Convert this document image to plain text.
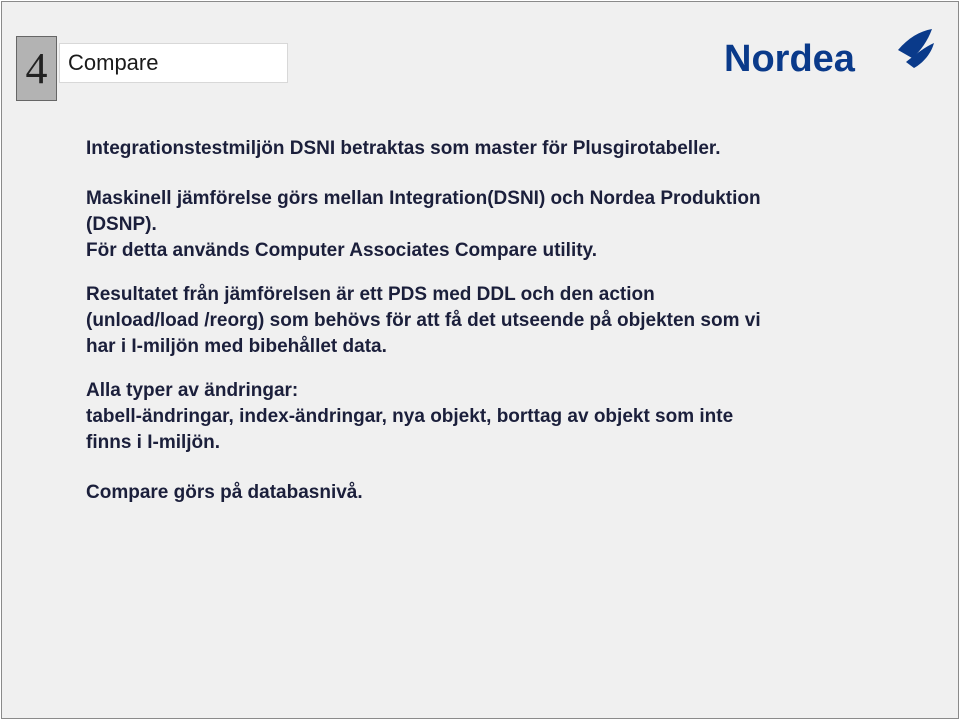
4 Compare	Nordea

Integrationstestmiljön DSNI betraktas som master för Plusgirotabeller.

Maskinell jämförelse görs mellan Integration(DSNI) och Nordea Produktion (DSNP).
För detta används Computer Associates Compare utility.

Resultatet från jämförelsen är ett PDS med DDL och den action (unload/load /reorg) som behövs för att få det utseende på objekten som vi har i I-miljön med bibehållet data.

Alla typer av ändringar:
tabell-ändringar, index-ändringar, nya objekt, borttag av objekt som inte finns i I-miljön.

Compare görs på databasnivå.
